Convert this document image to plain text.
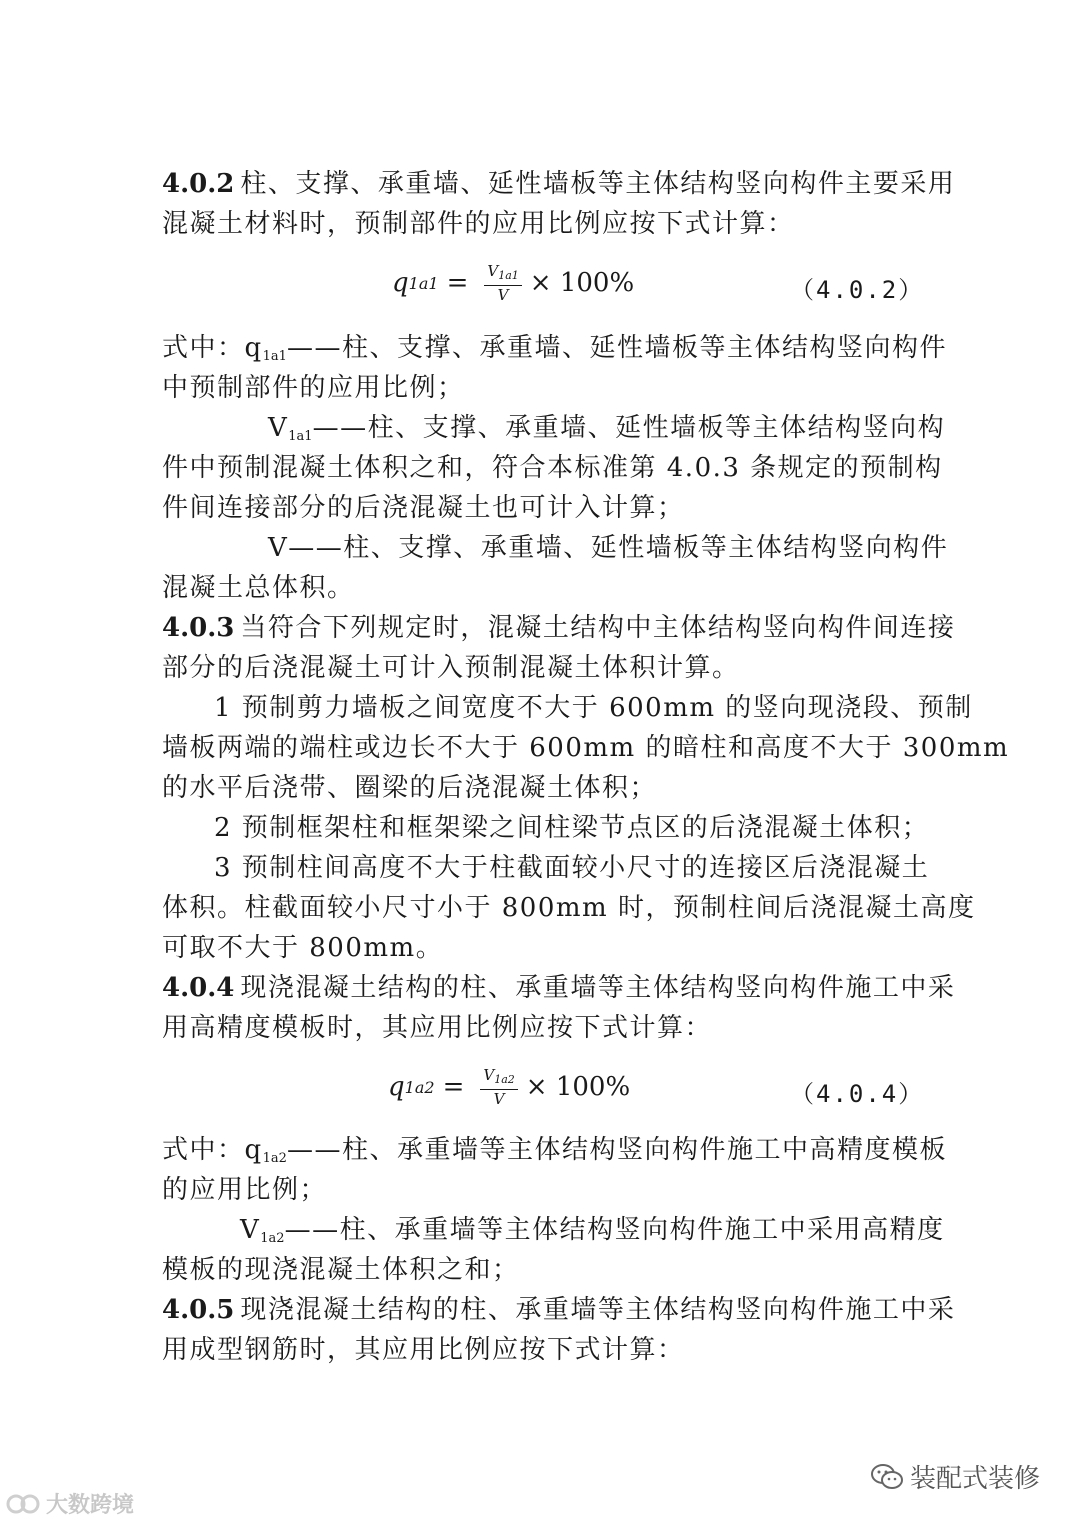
4.0.2 柱、支撑、承重墙、延性墙板等主体结构竖向构件主要采用
混凝土材料时，预制部件的应用比例应按下式计算：
q $1a1 = \frac{V_{1a1}}{V} \times 100\%$	（4.0.2）
式中：$q_{1a1}——$柱、支撑、承重墙、延性墙板等主体结构竖向构件
中预制部件的应用比例；
$V_{1a1}——$柱、支撑、承重墙、延性墙板等主体结构竖向构
件中预制混凝土体积之和，符合本标准第 4.0.3 条规定的预制构
件间连接部分的后浇混凝土也可计入计算；
V——柱、支撑、承重墙、延性墙板等主体结构竖向构件
混凝土总体积。
4.0.3 当符合下列规定时，混凝土结构中主体结构竖向构件间连接
部分的后浇混凝土可计入预制混凝土体积计算。
1 预制剪力墙板之间宽度不大于 600mm 的竖向现浇段、预制
墙板两端的端柱或边长不大于 600mm 的暗柱和高度不大于 300mm
的水平后浇带、圈梁的后浇混凝土体积；
2 预制框架柱和框架梁之间柱梁节点区的后浇混凝土体积；
3 预制柱间高度不大于柱截面较小尺寸的连接区后浇混凝土
体积。柱截面较小尺寸小于 800mm 时，预制柱间后浇混凝土高度
可取不大于 800mm。
4.0.4 现浇混凝土结构的柱、承重墙等主体结构竖向构件施工中采
用高精度模板时，其应用比例应按下式计算：
q $1a2 = \frac{V_{1a2}}{V} \times 100\%$	（4.0.4）
式中：$q_{1a2}——$柱、承重墙等主体结构竖向构件施工中高精度模板
的应用比例；
$V_{1a2}——$柱、承重墙等主体结构竖向构件施工中采用高精度
模板的现浇混凝土体积之和；
4.0.5 现浇混凝土结构的柱、承重墙等主体结构竖向构件施工中采
用成型钢筋时，其应用比例应按下式计算：
大数跨境
装配式装修
